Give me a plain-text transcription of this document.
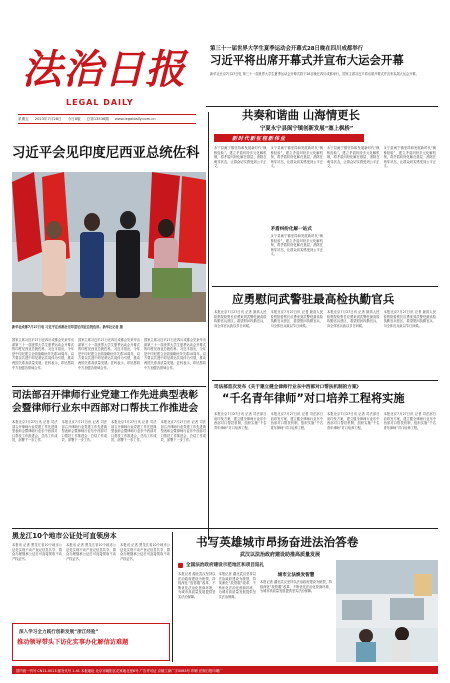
法治日报
LEGAL DAILY
星期五 2023年7月28日 今日8版 总第13536期 www.legaldaily.com.cn
第三十一届世界大学生夏季运动会开幕式28日晚在四川成都举行
习近平将出席开幕式并宣布大运会开幕
新华社北京7月27日电 第三十一届世界大学生夏季运动会开幕式将于28日晚在四川成都举行。国家主席习近平将出席开幕式并宣布本届大运会开幕。
习近平会见印度尼西亚总统佐科
新华社成都7月27日电 习近平在成都会见印度尼西亚总统佐科。新华社记者 摄
国家主席习近平27日在四川成都会见来华出席第三十一届世界大学生夏季运动会开幕式的印度尼西亚总统佐科。习近平指出，今年是中印尼建立全面战略伙伴关系10周年，双方要以共建中印尼命运共同体为引领，推动两国关系高质量发展。佐科表示，印尼愿同中方加强各领域合作。
国家主席习近平27日在四川成都会见来华出席第三十一届世界大学生夏季运动会开幕式的印度尼西亚总统佐科。习近平指出，今年是中印尼建立全面战略伙伴关系10周年，双方要以共建中印尼命运共同体为引领，推动两国关系高质量发展。佐科表示，印尼愿同中方加强各领域合作。
国家主席习近平27日在四川成都会见来华出席第三十一届世界大学生夏季运动会开幕式的印度尼西亚总统佐科。习近平指出，今年是中印尼建立全面战略伙伴关系10周年，双方要以共建中印尼命运共同体为引领，推动两国关系高质量发展。佐科表示，印尼愿同中方加强各领域合作。
共奏和谐曲 山海情更长
宁夏永宁县闽宁镇创新发展“塞上枫桥”
新时代新征程新伟业
永宁县闽宁镇坚持和发展新时代“枫桥经验”，建立矛盾纠纷多元化解机制，将矛盾纠纷化解在基层、消除在萌芽状态，让群众切实感受到公平正义。
永宁县闽宁镇坚持和发展新时代“枫桥经验”，建立矛盾纠纷多元化解机制，将矛盾纠纷化解在基层、消除在萌芽状态，让群众切实感受到公平正义。
矛盾纠纷化解一站式
永宁县闽宁镇坚持和发展新时代“枫桥经验”，建立矛盾纠纷多元化解机制，将矛盾纠纷化解在基层、消除在萌芽状态，让群众切实感受到公平正义。
永宁县闽宁镇坚持和发展新时代“枫桥经验”，建立矛盾纠纷多元化解机制，将矛盾纠纷化解在基层、消除在萌芽状态，让群众切实感受到公平正义。
永宁县闽宁镇坚持和发展新时代“枫桥经验”，建立矛盾纠纷多元化解机制，将矛盾纠纷化解在基层、消除在萌芽状态，让群众切实感受到公平正义。
应勇慰问武警驻最高检执勤官兵
本报北京7月27日讯 记者 最高人民检察院检察长应勇来到武警驻最高检执勤官兵营区，看望慰问执勤官兵，向全体官兵致以节日问候。
本报北京7月27日讯 记者 最高人民检察院检察长应勇来到武警驻最高检执勤官兵营区，看望慰问执勤官兵，向全体官兵致以节日问候。
本报北京7月27日讯 记者 最高人民检察院检察长应勇来到武警驻最高检执勤官兵营区，看望慰问执勤官兵，向全体官兵致以节日问候。
本报北京7月27日讯 记者 最高人民检察院检察长应勇来到武警驻最高检执勤官兵营区，看望慰问执勤官兵，向全体官兵致以节日问候。
司法部首次发布《关于建立健全律师行业东中西部对口帮扶机制的方案》
“千名青年律师”对口培养工程将实施
本报北京7月27日讯 记者 司法部日前印发方案，建立健全律师行业东中西部对口帮扶机制，组织实施“千名青年律师”对口培养工程。
本报北京7月27日讯 记者 司法部日前印发方案，建立健全律师行业东中西部对口帮扶机制，组织实施“千名青年律师”对口培养工程。
本报北京7月27日讯 记者 司法部日前印发方案，建立健全律师行业东中西部对口帮扶机制，组织实施“千名青年律师”对口培养工程。
本报北京7月27日讯 记者 司法部日前印发方案，建立健全律师行业东中西部对口帮扶机制，组织实施“千名青年律师”对口培养工程。
司法部召开律师行业党建工作先进典型表彰会暨律师行业东中西部对口帮扶工作推进会
本报北京7月27日讯 记者 司法部召开律师行业党建工作先进典型表彰会暨律师行业东中西部对口帮扶工作推进会，总结工作成效，部署下一步工作。
本报北京7月27日讯 记者 司法部召开律师行业党建工作先进典型表彰会暨律师行业东中西部对口帮扶工作推进会，总结工作成效，部署下一步工作。
本报北京7月27日讯 记者 司法部召开律师行业党建工作先进典型表彰会暨律师行业东中西部对口帮扶工作推进会，总结工作成效，部署下一步工作。
本报北京7月27日讯 记者 司法部召开律师行业党建工作先进典型表彰会暨律师行业东中西部对口帮扶工作推进会，总结工作成效，部署下一步工作。
黑龙江10个地市公证处可直领房本
本报讯 记者 黑龙江省10个地市公证处实现不动产登记信息共享，群众办理继承公证后可直接领取不动产权证书。
本报讯 记者 黑龙江省10个地市公证处实现不动产登记信息共享，群众办理继承公证后可直接领取不动产权证书。
本报讯 记者 黑龙江省10个地市公证处实现不动产登记信息共享，群众办理继承公证后可直接领取不动产权证书。
深入学习全力践行创新发展“浙江经验”
推动领导带头下访化实事办化解信访难题
书写英雄城市昂扬奋进法治答卷
武汉以法治政府建设助推高质量发展
全国法治政府建设示范地区和项目巡礼
本报记者 湖北武汉坚持以法治政府建设为统领，持续深化“放管服”改革，不断优化法治化营商环境，为城市高质量发展提供坚实法治保障。
本报记者 湖北武汉坚持以法治政府建设为统领，持续深化“放管服”改革，不断优化法治化营商环境，为城市高质量发展提供坚实法治保障。
城市立法焕发智慧
本报记者 湖北武汉坚持以法治政府建设为统领，持续深化“放管服”改革，不断优化法治化营商环境，为城市高质量发展提供坚实法治保障。
国内统一刊号 CN11-0013 邮发代号 1-41 本报地址 北京市朝阳区花家地北里6号 广告许可证 京朝工商广字0083号 印刷 法制日报印刷厂
